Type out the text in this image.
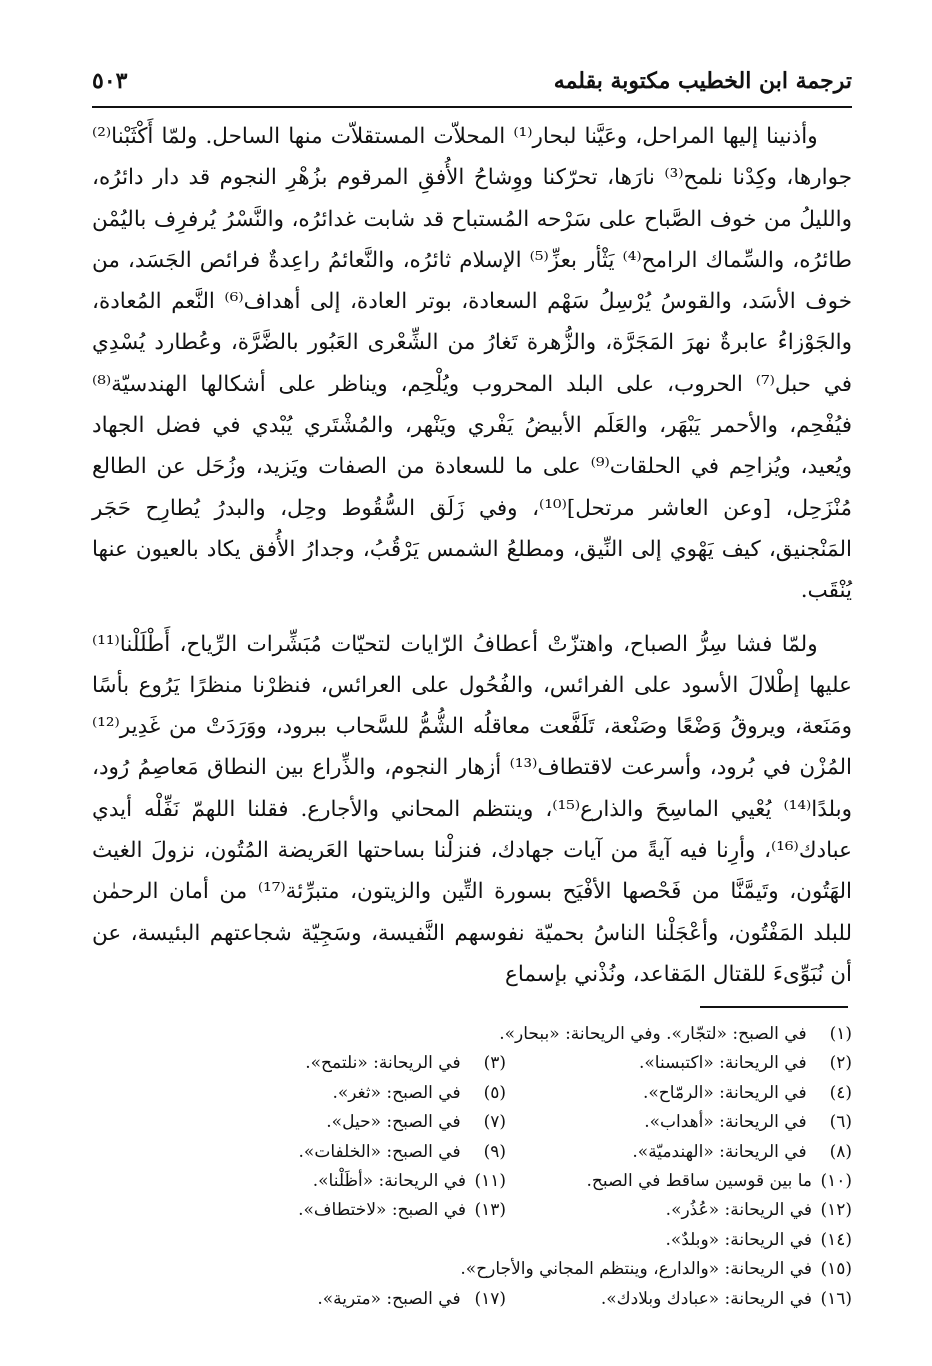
ترجمة ابن الخطيب مكتوبة بقلمه
٥٠٣

وأذنينا إليها المراحل، وعَيَّنا لبحار⁽¹⁾ المحلاّت المستقلاّت منها الساحل. ولمّا أَكْثَبْنا⁽²⁾ جوارها، وكِدْنا نلمح⁽³⁾ نارَها، تحرّكنا ووِشاحُ الأُفقِ المرقوم بزُهْرِ النجوم قد دار دائرُه، والليلُ من خوف الصَّباح على سَرْحه المُستباح قد شابت غدائرُه، والنَّسْرُ يُرفرِف باليُمْن طائرُه، والسِّماك الرامح⁽⁴⁾ يَثْأر بعزِّ⁽⁵⁾ الإسلام ثائرُه، والنَّعائمُ راعِدةٌ فرائص الجَسَد، من خوف الأسَد، والقوسُ يُرْسِلُ سَهْم السعادة، بوتر العادة، إلى أهداف⁽⁶⁾ النَّعم المُعادة، والجَوْزاءُ عابرةٌ نهرَ المَجَرَّة، والزُّهرة تَغارُ من الشِّعْرى العَبُور بالضَّرَّة، وعُطارد يُسْدِي في حبل⁽⁷⁾ الحروب، على البلد المحروب ويُلْحِم، ويناظر على أشكالها الهندسيّة⁽⁸⁾ فيُفْحِم، والأحمر يَبْهَر، والعَلَم الأبيضُ يَفْري ويَنْهر، والمُشْتَري يُبْدي في فضل الجهاد ويُعيد، ويُزاحِم في الحلقات⁽⁹⁾ على ما للسعادة من الصفات ويَزيد، وزُحَل عن الطالع مُنْزَحِل، [وعن العاشر مرتحل]⁽¹⁰⁾، وفي زَلَق السُّقُوط وحِل، والبدرُ يُطارِح حَجَر المَنْجنيق، كيف يَهْوي إلى النِّيق، ومطلعُ الشمس يَرْقُبُ، وجدارُ الأُفق يكاد بالعيون عنها يُنْقَب.

ولمّا فشا سِرُّ الصباح، واهتزّتْ أعطافُ الرّايات لتحيّات مُبَشِّرات الرِّياح، أَطْلَلْنا⁽¹¹⁾ عليها إطْلالَ الأسود على الفرائس، والفُحُول على العرائس، فنظرْنا منظرًا يَرُوع بأسًا ومَنَعة، ويروقُ وَضْعًا وصَنْعة، تَلَفَّعت معاقلُه الشُّمُّ للسَّحاب ببرود، ووَرَدَتْ من غَدِير⁽¹²⁾ المُزْن في بُرود، وأسرعت لاقتطاف⁽¹³⁾ أزهار النجوم، والذِّراع بين النطاق مَعاصِمُ رُود، وبلدًا⁽¹⁴⁾ يُعْيي الماسِحَ والذارع⁽¹⁵⁾، وينتظم المحاني والأجارع. فقلنا اللهمّ نَفِّلْه أيدي عبادك⁽¹⁶⁾، وأرِنا فيه آيةً من آيات جهادك، فنزلْنا بساحتها العَريضة المُتُون، نزولَ الغيث الهَتُون، وتَيمَّنَّا من فَحْصها الأفْيَح بسورة التِّين والزيتون، متبرِّئة⁽¹⁷⁾ من أمان الرحمٰن للبلد المَفْتُون، وأعْجَلْنا الناسُ بحميّة نفوسهم النَّفيسة، وسَجِيّة شجاعتهم البئيسة، عن أن نُبَوِّىءَ للقتال المَقاعد، ونُذْني بإسماع

(١) في الصبح: «لتجّار». وفي الريحانة: «ببحار».
(٢) في الريحانة: «اكتبسنا».
(٣) في الريحانة: «نلتمح».
(٤) في الريحانة: «الرمّاح».
(٥) في الصبح: «ثغر».
(٦) في الريحانة: «أهداب».
(٧) في الصبح: «حيل».
(٨) في الريحانة: «الهندميّة».
(٩) في الصبح: «الخلفات».
(١٠)ما بين قوسين ساقط في الصبح.
(١١)في الريحانة: «أظَلْنا».
(١٢)في الريحانة: «عُذُر».
(١٣)في الصبح: «لاختطاف».
(١٤)في الريحانة: «وبلدٌ».
(١٥)في الريحانة: «والدارع، وينتظم المجاني والأجارح».
(١٦)في الريحانة: «عبادك وبلادك».
(١٧) في الصبح: «مترية».
